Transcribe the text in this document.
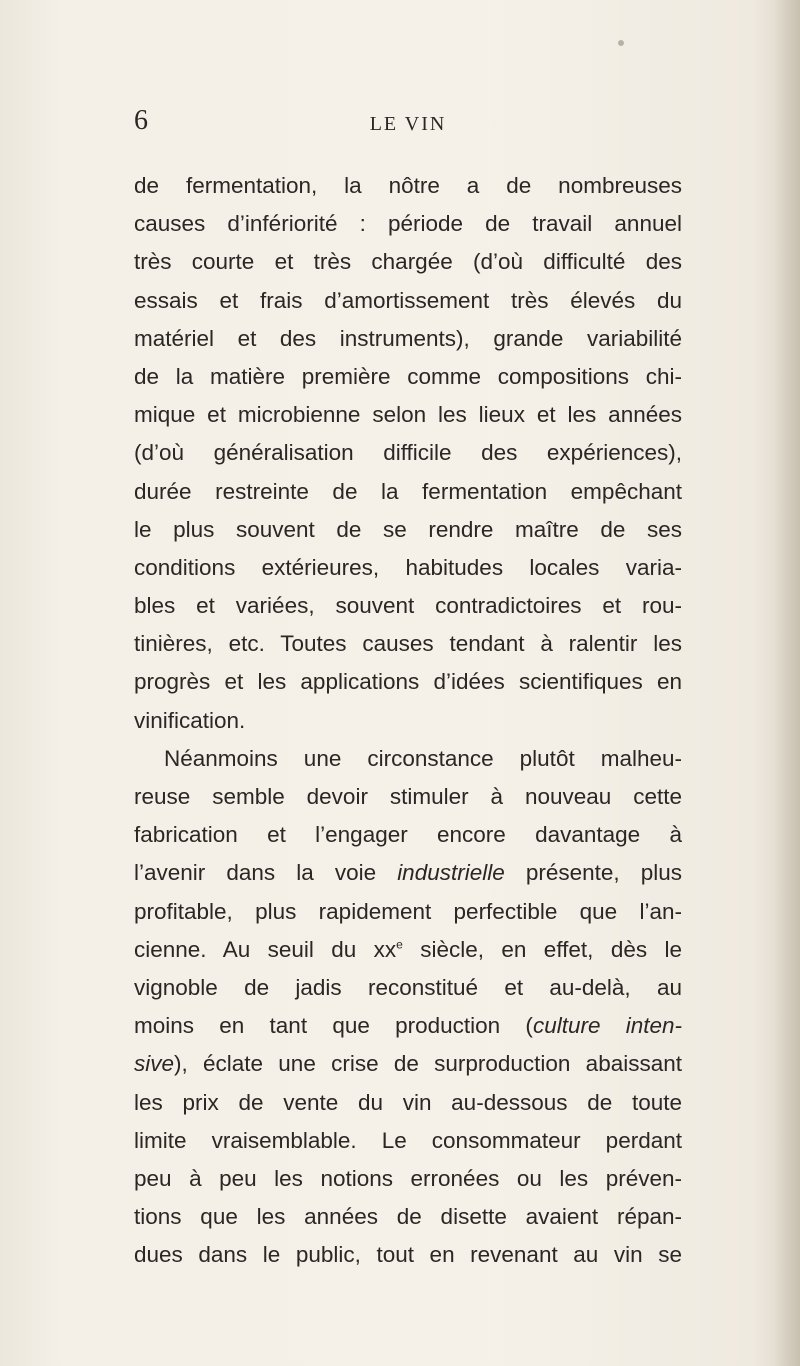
6	LE VIN
de fermentation, la nôtre a de nombreuses
causes d’infériorité : période de travail annuel
très courte et très chargée (d’où difficulté des
essais et frais d’amortissement très élevés du
matériel et des instruments), grande variabilité
de la matière première comme compositions chi-
mique et microbienne selon les lieux et les années
(d’où généralisation difficile des expériences),
durée restreinte de la fermentation empêchant
le plus souvent de se rendre maître de ses
conditions extérieures, habitudes locales varia-
bles et variées, souvent contradictoires et rou-
tinières, etc. Toutes causes tendant à ralentir les
progrès et les applications d’idées scientifiques en
vinification.
Néanmoins une circonstance plutôt malheu-
reuse semble devoir stimuler à nouveau cette
fabrication et l’engager encore davantage à
l’avenir dans la voie industrielle présente, plus
profitable, plus rapidement perfectible que l’an-
cienne. Au seuil du $xx^e$ siècle, en effet, dès le
vignoble de jadis reconstitué et au-delà, au
moins en tant que production (culture inten-
sive), éclate une crise de surproduction abaissant
les prix de vente du vin au-dessous de toute
limite vraisemblable. Le consommateur perdant
peu à peu les notions erronées ou les préven-
tions que les années de disette avaient répan-
dues dans le public, tout en revenant au vin se
